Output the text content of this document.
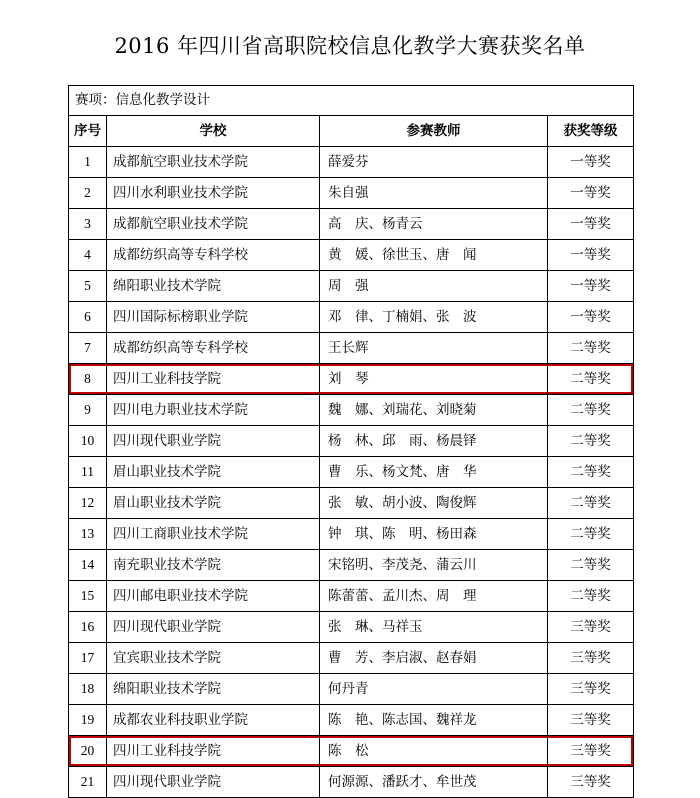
2016 年四川省高职院校信息化教学大赛获奖名单
赛项：信息化教学设计			
序号	学校	参赛教师	获奖等级
1	成都航空职业技术学院	薛爱芬	一等奖
2	四川水利职业技术学院	朱自强	一等奖
3	成都航空职业技术学院	高　庆、杨青云	一等奖
4	成都纺织高等专科学校	黄　媛、徐世玉、唐　闻	一等奖
5	绵阳职业技术学院	周　强	一等奖
6	四川国际标榜职业学院	邓　律、丁楠娟、张　波	一等奖
7	成都纺织高等专科学校	王长辉	二等奖
8	四川工业科技学院	刘　琴	二等奖
9	四川电力职业技术学院	魏　娜、刘瑞花、刘晓菊	二等奖
10	四川现代职业学院	杨　林、邱　雨、杨晨铎	二等奖
11	眉山职业技术学院	曹　乐、杨文梵、唐　华	二等奖
12	眉山职业技术学院	张　敏、胡小波、陶俊辉	二等奖
13	四川工商职业技术学院	钟　琪、陈　明、杨田森	二等奖
14	南充职业技术学院	宋铭明、李茂尧、蒲云川	二等奖
15	四川邮电职业技术学院	陈蕾蕾、孟川杰、周　理	二等奖
16	四川现代职业学院	张　琳、马祥玉	三等奖
17	宜宾职业技术学院	曹　芳、李启淑、赵春娟	三等奖
18	绵阳职业技术学院	何丹青	三等奖
19	成都农业科技职业学院	陈　艳、陈志国、魏祥龙	三等奖
20	四川工业科技学院	陈　松	三等奖
21	四川现代职业学院	何源源、潘跃才、牟世茂	三等奖
